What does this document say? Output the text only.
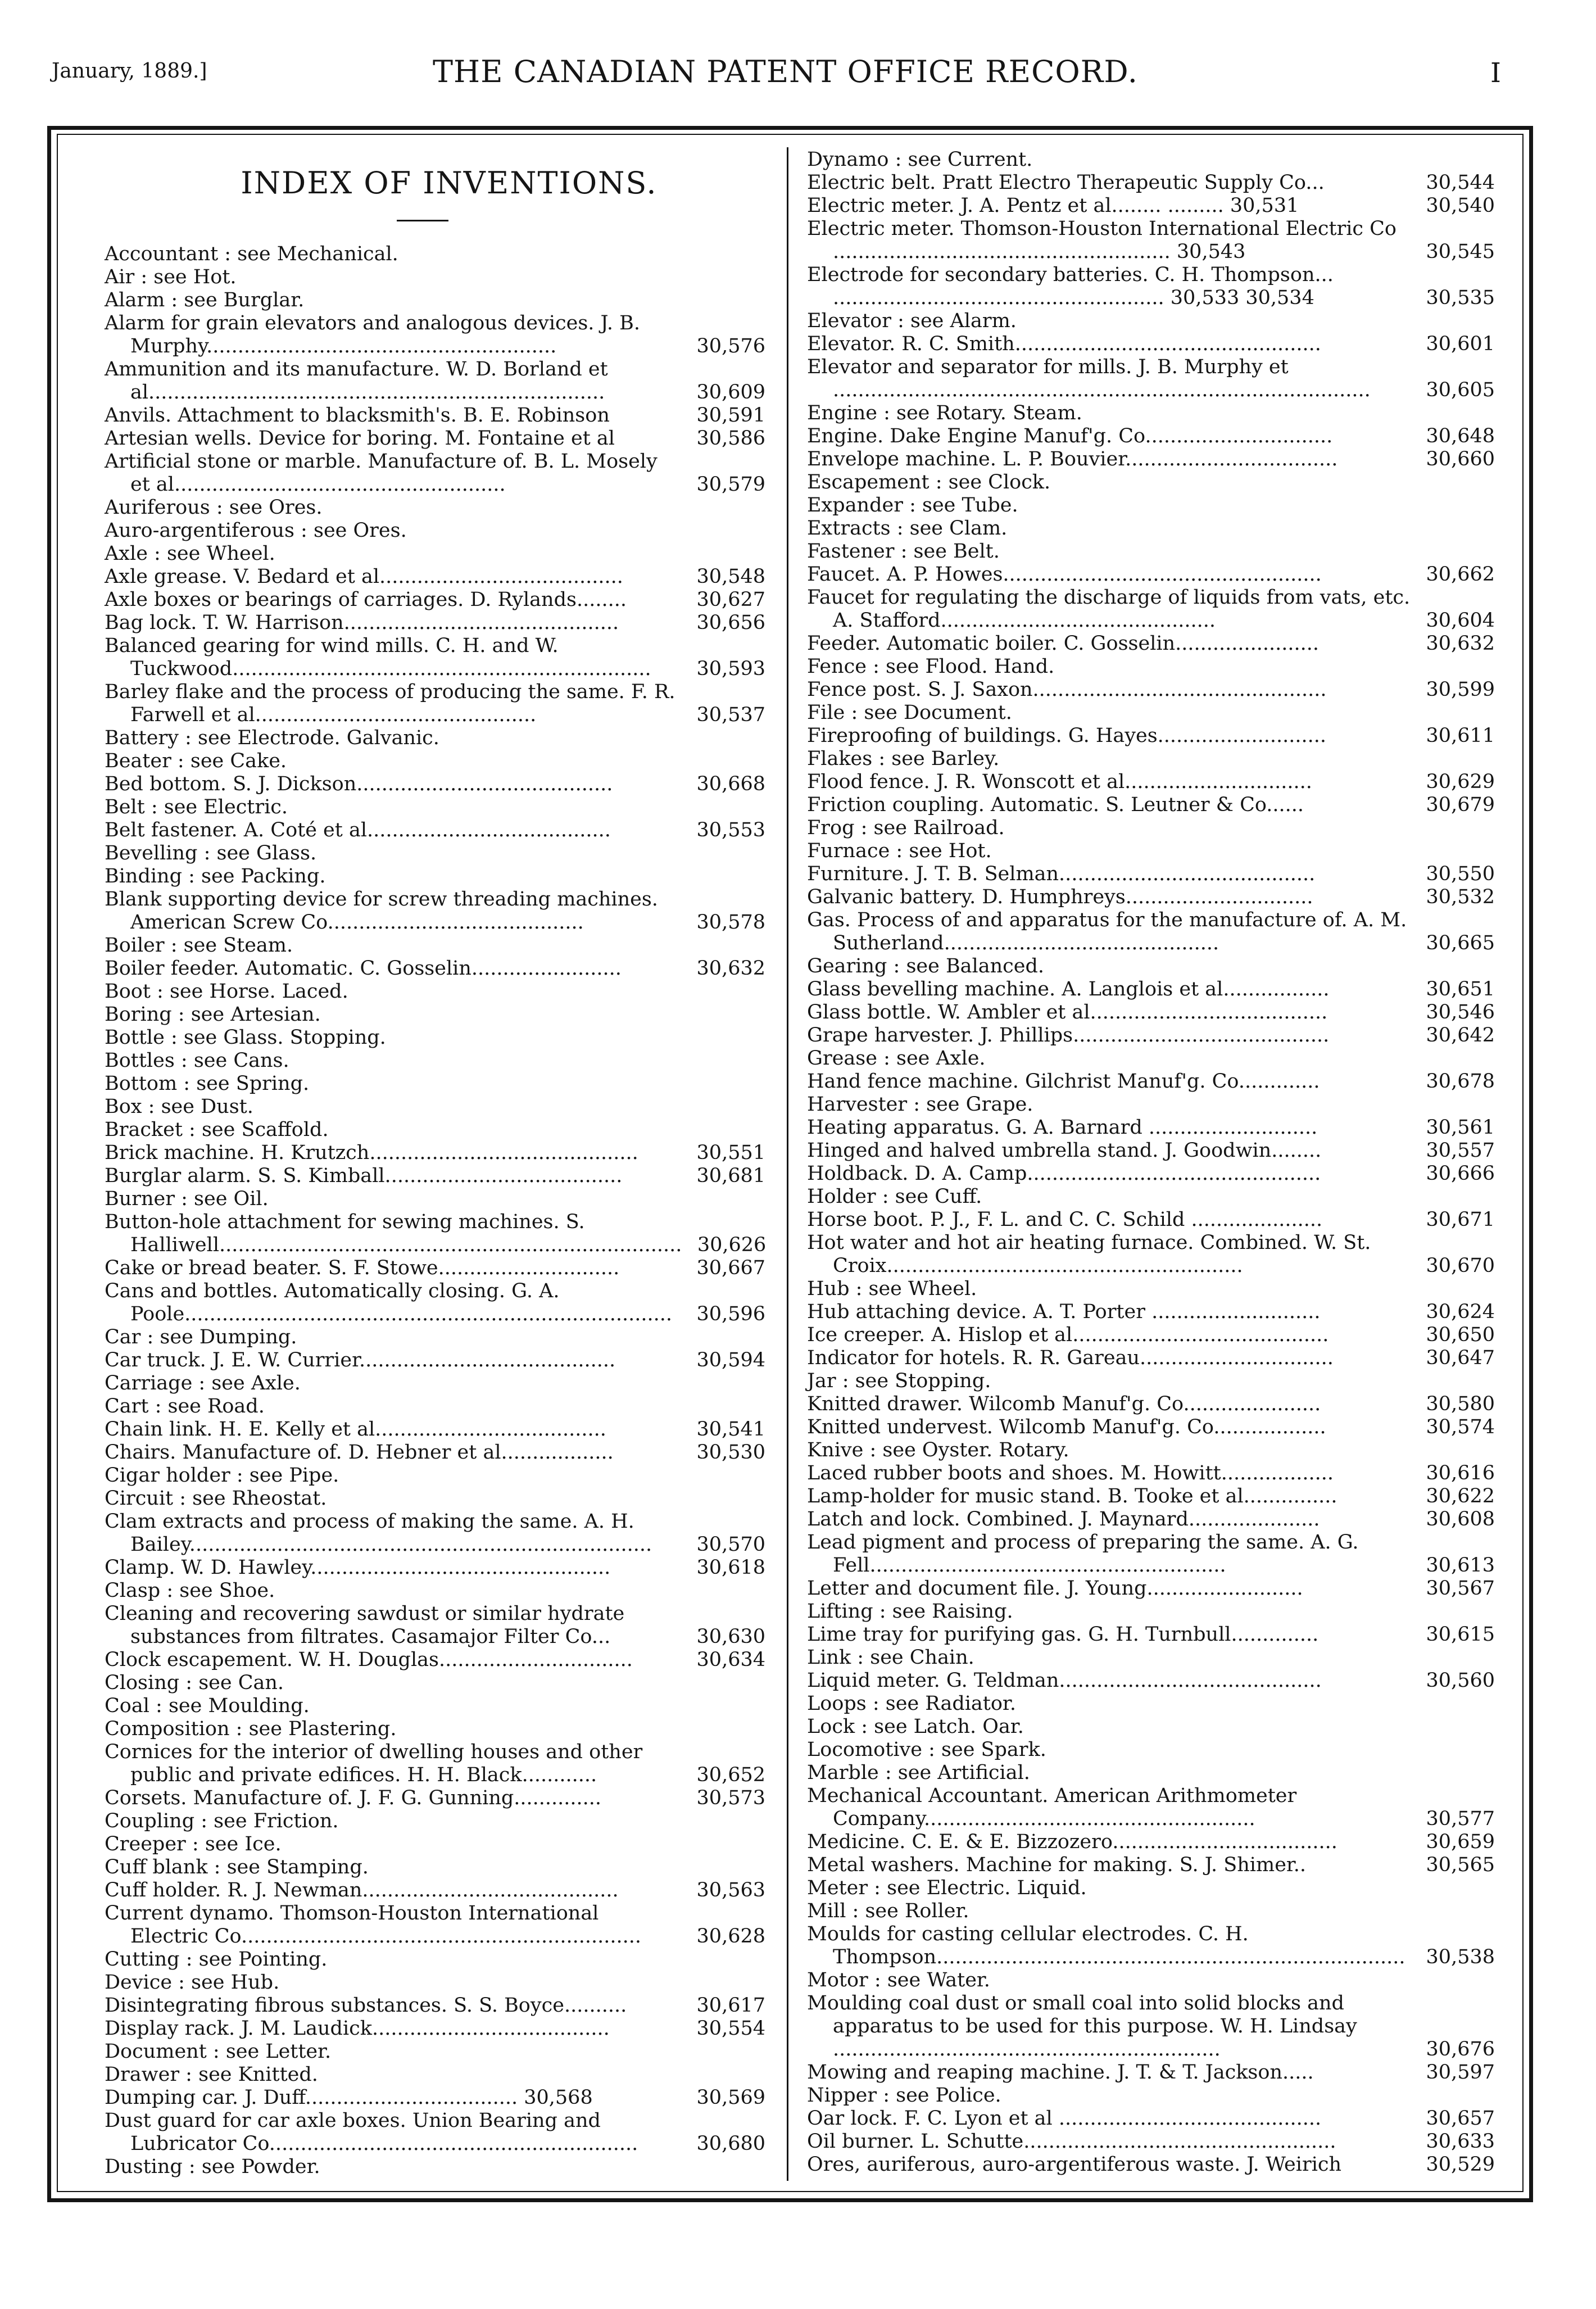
January, 1889.]	THE CANADIAN PATENT OFFICE RECORD.	I
INDEX OF INVENTIONS.
Accountant : see Mechanical.
Air : see Hot.
Alarm : see Burglar.
Alarm for grain elevators and analogous devices. J. B. Murphy........................................................	30,576
Ammunition and its manufacture. W. D. Borland et al.........................................................................	30,609
Anvils. Attachment to blacksmith's. B. E. Robinson	30,591
Artesian wells. Device for boring. M. Fontaine et al	30,586
Artificial stone or marble. Manufacture of. B. L. Mosely et al.....................................................	30,579
Auriferous : see Ores.
Auro-argentiferous : see Ores.
Axle : see Wheel.
Axle grease. V. Bedard et al.......................................	30,548
Axle boxes or bearings of carriages. D. Rylands........	30,627
Bag lock. T. W. Harrison............................................	30,656
Balanced gearing for wind mills. C. H. and W. Tuckwood...................................................................	30,593
Barley flake and the process of producing the same. F. R. Farwell et al.............................................	30,537
Battery : see Electrode. Galvanic.
Beater : see Cake.
Bed bottom. S. J. Dickson.........................................	30,668
Belt : see Electric.
Belt fastener. A. Coté et al.......................................	30,553
Bevelling : see Glass.
Binding : see Packing.
Blank supporting device for screw threading machines. American Screw Co.........................................	30,578
Boiler : see Steam.
Boiler feeder. Automatic. C. Gosselin........................	30,632
Boot : see Horse. Laced.
Boring : see Artesian.
Bottle : see Glass. Stopping.
Bottles : see Cans.
Bottom : see Spring.
Box : see Dust.
Bracket : see Scaffold.
Brick machine. H. Krutzch...........................................	30,551
Burglar alarm. S. S. Kimball......................................	30,681
Burner : see Oil.
Button-hole attachment for sewing machines. S. Halliwell.......................................................................... 30,626
Cake or bread beater. S. F. Stowe.............................	30,667
Cans and bottles. Automatically closing. G. A. Poole..............................................................................	30,596
Car : see Dumping.
Car truck. J. E. W. Currier.........................................	30,594
Carriage : see Axle.
Cart : see Road.
Chain link. H. E. Kelly et al.....................................	30,541
Chairs. Manufacture of. D. Hebner et al..................	30,530
Cigar holder : see Pipe.
Circuit : see Rheostat.
Clam extracts and process of making the same. A. H. Bailey..........................................................................	30,570
Clamp. W. D. Hawley................................................	30,618
Clasp : see Shoe.
Cleaning and recovering sawdust or similar hydrate substances from filtrates. Casamajor Filter Co...	30,630
Clock escapement. W. H. Douglas...............................	30,634
Closing : see Can.
Coal : see Moulding.
Composition : see Plastering.
Cornices for the interior of dwelling houses and other public and private edifices. H. H. Black............	30,652
Corsets. Manufacture of. J. F. G. Gunning..............	30,573
Coupling : see Friction.
Creeper : see Ice.
Cuff blank : see Stamping.
Cuff holder. R. J. Newman.........................................	30,563
Current dynamo. Thomson-Houston International Electric Co................................................................	30,628
Cutting : see Pointing.
Device : see Hub.
Disintegrating fibrous substances. S. S. Boyce..........	30,617
Display rack. J. M. Laudick......................................	30,554
Document : see Letter.
Drawer : see Knitted.
Dumping car. J. Duff.................................. 30,568	30,569
Dust guard for car axle boxes. Union Bearing and Lubricator Co...........................................................	30,680
Dusting : see Powder.
Dynamo : see Current.
Electric belt. Pratt Electro Therapeutic Supply Co...	30,544
Electric meter. J. A. Pentz et al........ ......... 30,531	30,540
Electric meter. Thomson-Houston International Electric Co ...................................................... 30,543	30,545
Electrode for secondary batteries. C. H. Thompson... ..................................................... 30,533 30,534	30,535
Elevator : see Alarm.
Elevator. R. C. Smith.................................................	30,601
Elevator and separator for mills. J. B. Murphy et ......................................................................................	30,605
Engine : see Rotary. Steam.
Engine. Dake Engine Manuf'g. Co..............................	30,648
Envelope machine. L. P. Bouvier..................................	30,660
Escapement : see Clock.
Expander : see Tube.
Extracts : see Clam.
Fastener : see Belt.
Faucet. A. P. Howes...................................................	30,662
Faucet for regulating the discharge of liquids from vats, etc. A. Stafford............................................	30,604
Feeder. Automatic boiler. C. Gosselin.......................	30,632
Fence : see Flood. Hand.
Fence post. S. J. Saxon...............................................	30,599
File : see Document.
Fireproofing of buildings. G. Hayes...........................	30,611
Flakes : see Barley.
Flood fence. J. R. Wonscott et al..............................	30,629
Friction coupling. Automatic. S. Leutner & Co......	30,679
Frog : see Railroad.
Furnace : see Hot.
Furniture. J. T. B. Selman.........................................	30,550
Galvanic battery. D. Humphreys..............................	30,532
Gas. Process of and apparatus for the manufacture of. A. M. Sutherland............................................	30,665
Gearing : see Balanced.
Glass bevelling machine. A. Langlois et al.................	30,651
Glass bottle. W. Ambler et al......................................	30,546
Grape harvester. J. Phillips.........................................	30,642
Grease : see Axle.
Hand fence machine. Gilchrist Manuf'g. Co.............	30,678
Harvester : see Grape.
Heating apparatus. G. A. Barnard ...........................	30,561
Hinged and halved umbrella stand. J. Goodwin........	30,557
Holdback. D. A. Camp...............................................	30,666
Holder : see Cuff.
Horse boot. P. J., F. L. and C. C. Schild .....................	30,671
Hot water and hot air heating furnace. Combined. W. St. Croix.........................................................	30,670
Hub : see Wheel.
Hub attaching device. A. T. Porter ...........................	30,624
Ice creeper. A. Hislop et al.........................................	30,650
Indicator for hotels. R. R. Gareau...............................	30,647
Jar : see Stopping.
Knitted drawer. Wilcomb Manuf'g. Co......................	30,580
Knitted undervest. Wilcomb Manuf'g. Co..................	30,574
Knive : see Oyster. Rotary.
Laced rubber boots and shoes. M. Howitt..................	30,616
Lamp-holder for music stand. B. Tooke et al...............	30,622
Latch and lock. Combined. J. Maynard.....................	30,608
Lead pigment and process of preparing the same. A. G. Fell.........................................................	30,613
Letter and document file. J. Young.........................	30,567
Lifting : see Raising.
Lime tray for purifying gas. G. H. Turnbull..............	30,615
Link : see Chain.
Liquid meter. G. Teldman..........................................	30,560
Loops : see Radiator.
Lock : see Latch. Oar.
Locomotive : see Spark.
Marble : see Artificial.
Mechanical Accountant. American Arithmometer Company.....................................................	30,577
Medicine. C. E. & E. Bizzozero....................................	30,659
Metal washers. Machine for making. S. J. Shimer..	30,565
Meter : see Electric. Liquid.
Mill : see Roller.
Moulds for casting cellular electrodes. C. H. Thompson...........................................................................	30,538
Motor : see Water.
Moulding coal dust or small coal into solid blocks and apparatus to be used for this purpose. W. H. Lindsay ..............................................................	30,676
Mowing and reaping machine. J. T. & T. Jackson.....	30,597
Nipper : see Police.
Oar lock. F. C. Lyon et al ..........................................	30,657
Oil burner. L. Schutte..................................................	30,633
Ores, auriferous, auro-argentiferous waste. J. Weirich	30,529
